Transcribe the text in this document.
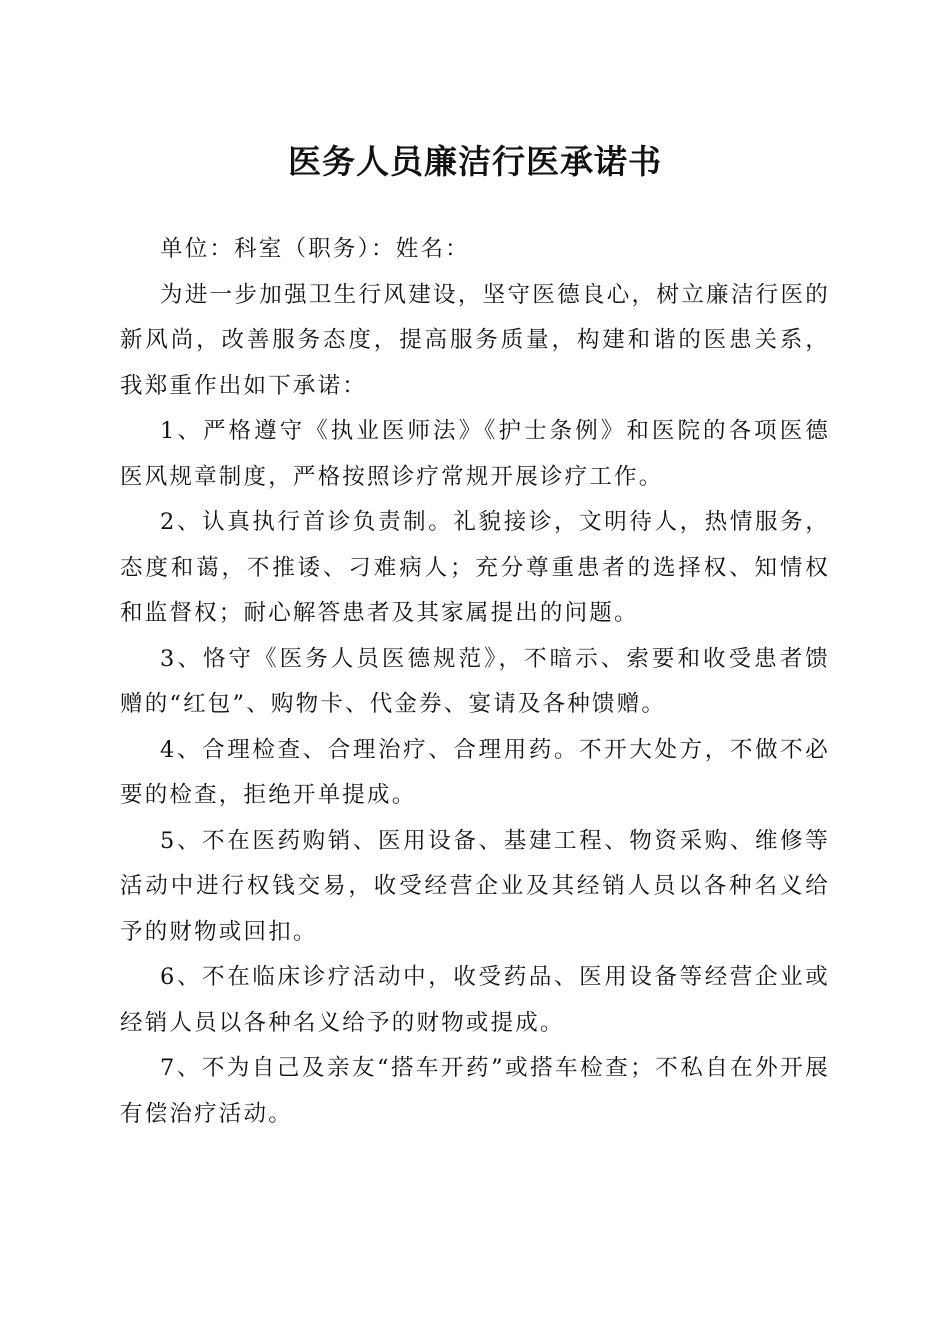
医务人员廉洁行医承诺书

单位：科室（职务）：姓名：

为进一步加强卫生行风建设，坚守医德良心，树立廉洁行医的新风尚，改善服务态度，提高服务质量，构建和谐的医患关系，我郑重作出如下承诺：

1、严格遵守《执业医师法》《护士条例》和医院的各项医德医风规章制度，严格按照诊疗常规开展诊疗工作。

2、认真执行首诊负责制。礼貌接诊，文明待人，热情服务，态度和蔼，不推诿、刁难病人；充分尊重患者的选择权、知情权和监督权；耐心解答患者及其家属提出的问题。

3、恪守《医务人员医德规范》，不暗示、索要和收受患者馈赠的“红包”、购物卡、代金券、宴请及各种馈赠。

4、合理检查、合理治疗、合理用药。不开大处方，不做不必要的检查，拒绝开单提成。

5、不在医药购销、医用设备、基建工程、物资采购、维修等活动中进行权钱交易，收受经营企业及其经销人员以各种名义给予的财物或回扣。

6、不在临床诊疗活动中，收受药品、医用设备等经营企业或经销人员以各种名义给予的财物或提成。

7、不为自己及亲友“搭车开药”或搭车检查；不私自在外开展有偿治疗活动。
